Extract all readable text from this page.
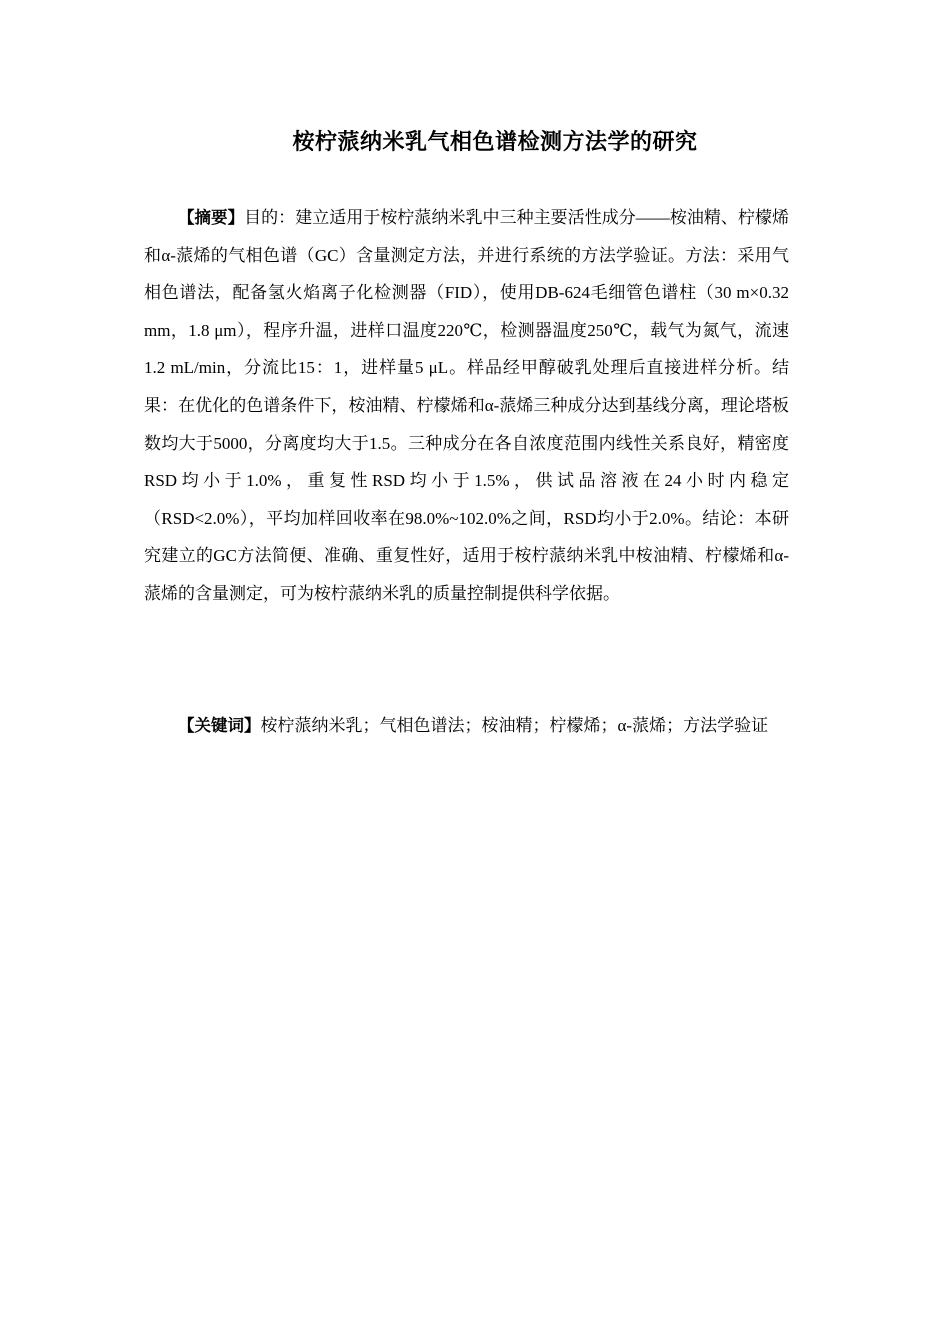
桉柠蒎纳米乳气相色谱检测方法学的研究
【摘要】目的：建立适用于桉柠蒎纳米乳中三种主要活性成分——桉油精、柠檬烯和α-蒎烯的气相色谱（GC）含量测定方法，并进行系统的方法学验证。方法：采用气相色谱法，配备氢火焰离子化检测器（FID），使用DB-624毛细管色谱柱（30 m×0.32 mm，1.8 μm），程序升温，进样口温度220℃，检测器温度250℃，载气为氮气，流速1.2 mL/min，分流比15：1，进样量5 μL。样品经甲醇破乳处理后直接进样分析。结果：在优化的色谱条件下，桉油精、柠檬烯和α-蒎烯三种成分达到基线分离，理论塔板数均大于5000，分离度均大于1.5。三种成分在各自浓度范围内线性关系良好，精密度RSD均小于1.0%，重复性RSD均小于1.5%，供试品溶液在24小时内稳定（RSD<2.0%），平均加样回收率在98.0%~102.0%之间，RSD均小于2.0%。结论：本研究建立的GC方法简便、准确、重复性好，适用于桉柠蒎纳米乳中桉油精、柠檬烯和α-蒎烯的含量测定，可为桉柠蒎纳米乳的质量控制提供科学依据。
【关键词】桉柠蒎纳米乳；气相色谱法；桉油精；柠檬烯；α-蒎烯；方法学验证
